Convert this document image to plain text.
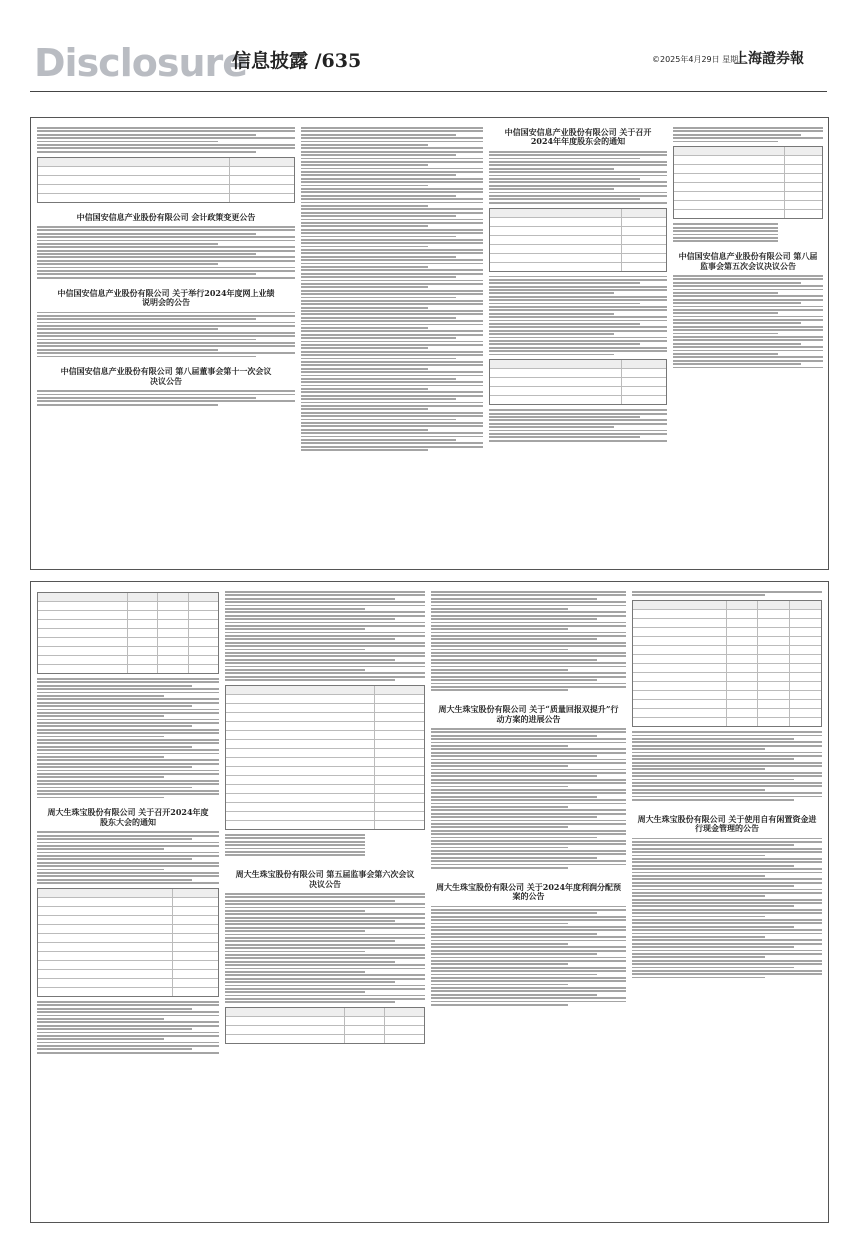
Disclosure
信息披露 /635	©2025年4月29日 星期二
上海證券報
中信国安信息产业股份有限公司 会计政策变更公告
中信国安信息产业股份有限公司 关于举行2024年度网上业绩说明会的公告
中信国安信息产业股份有限公司 第八届董事会第十一次会议决议公告
中信国安信息产业股份有限公司 关于召开2024年年度股东会的通知
中信国安信息产业股份有限公司 第八届监事会第五次会议决议公告
周大生珠宝股份有限公司 关于召开2024年度股东大会的通知
周大生珠宝股份有限公司 第五届监事会第六次会议决议公告
周大生珠宝股份有限公司 关于“质量回报双提升”行动方案的进展公告
周大生珠宝股份有限公司 关于2024年度利润分配预案的公告
周大生珠宝股份有限公司 关于使用自有闲置资金进行现金管理的公告
